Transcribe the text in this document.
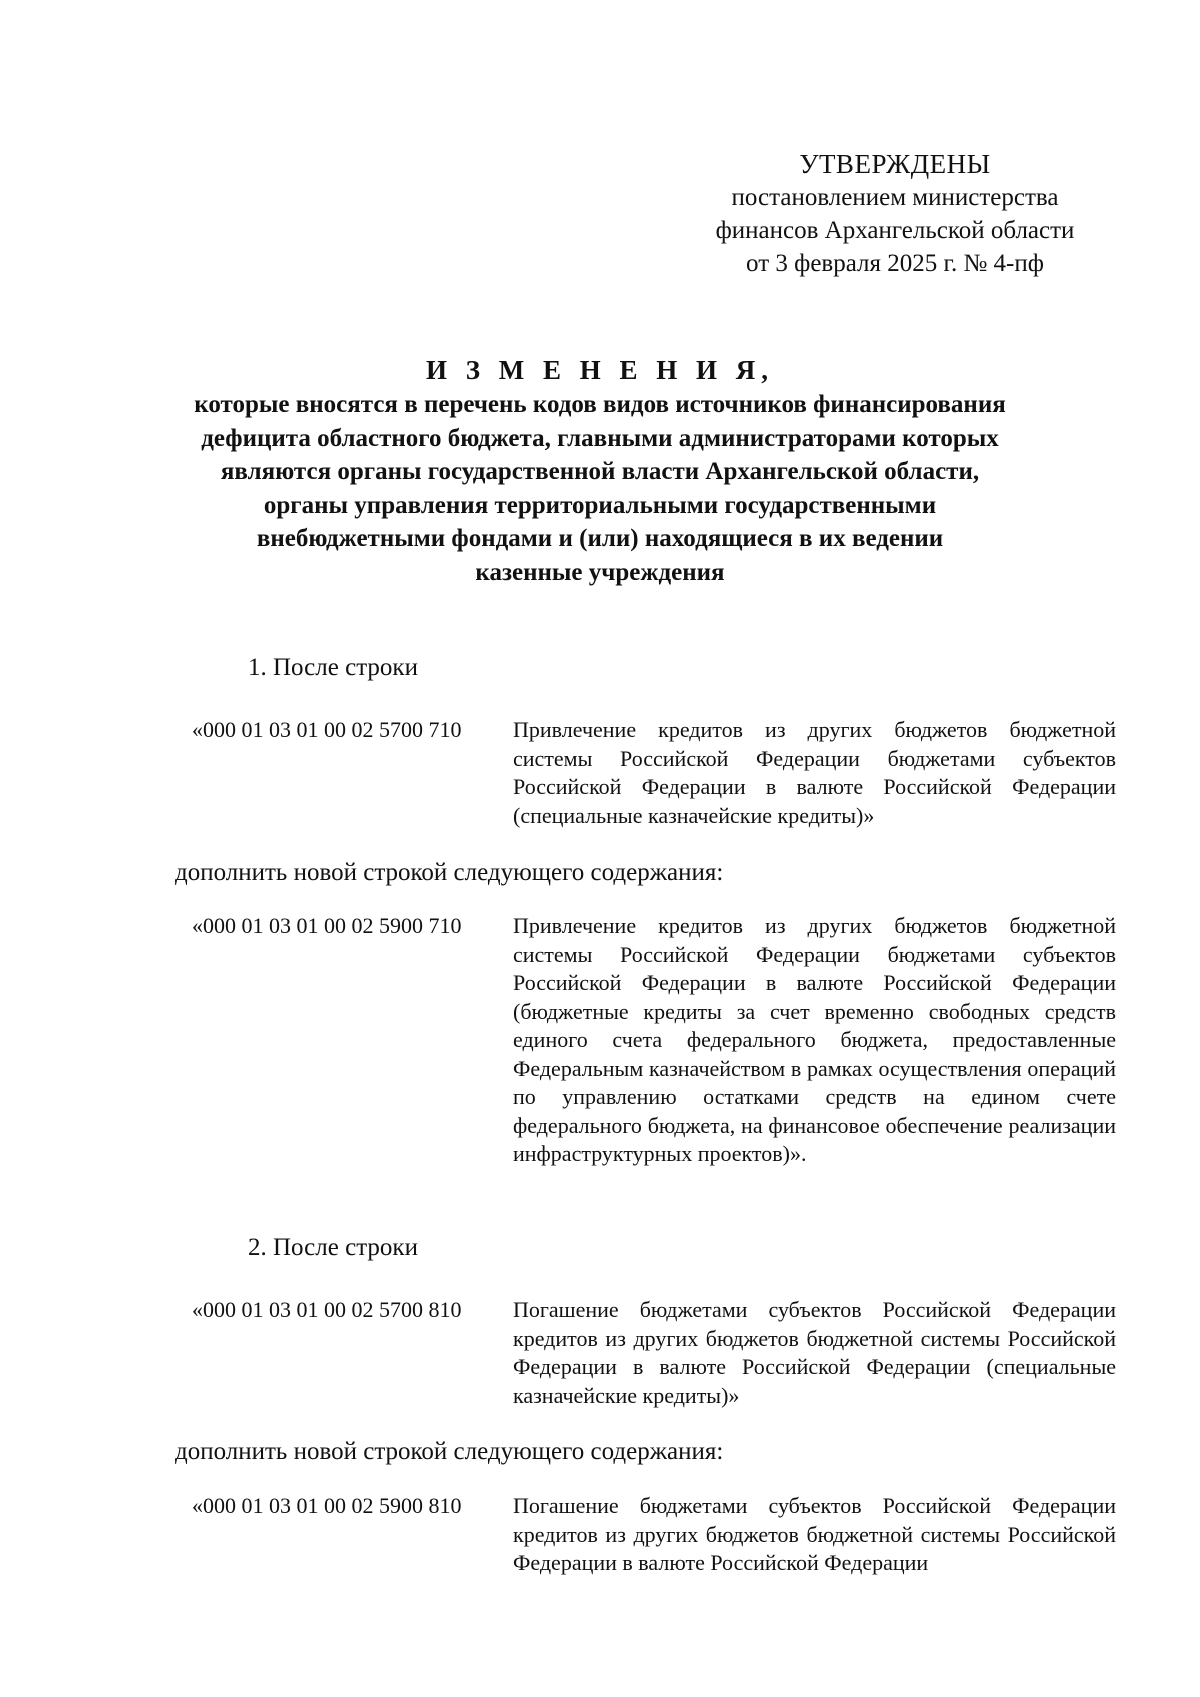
УТВЕРЖДЕНЫ
постановлением министерства
финансов Архангельской области
от 3 февраля 2025 г. № 4-пф
И З М Е Н Е Н И Я,
которые вносятся в перечень кодов видов источников финансирования
дефицита областного бюджета, главными администраторами которых
являются органы государственной власти Архангельской области,
органы управления территориальными государственными
внебюджетными фондами и (или) находящиеся в их ведении
казенные учреждения
1. После строки
«000 01 03 01 00 02 5700 710	Привлечение кредитов из других бюджетов бюджетной системы Российской Федерации бюджетами субъектов Российской Федерации в валюте Российской Федерации (специальные казначейские кредиты)»
дополнить новой строкой следующего содержания:
«000 01 03 01 00 02 5900 710	Привлечение кредитов из других бюджетов бюджетной системы Российской Федерации бюджетами субъектов Российской Федерации в валюте Российской Федерации (бюджетные кредиты за счет временно свободных средств единого счета федерального бюджета, предоставленные Федеральным казначейством в рамках осуществления операций по управлению остатками средств на едином счете федерального бюджета, на финансовое обеспечение реализации инфраструктурных проектов)».
2. После строки
«000 01 03 01 00 02 5700 810	Погашение бюджетами субъектов Российской Федерации кредитов из других бюджетов бюджетной системы Российской Федерации в валюте Российской Федерации (специальные казначейские кредиты)»
дополнить новой строкой следующего содержания:
«000 01 03 01 00 02 5900 810	Погашение бюджетами субъектов Российской Федерации кредитов из других бюджетов бюджетной системы Российской Федерации в валюте Российской Федерации
